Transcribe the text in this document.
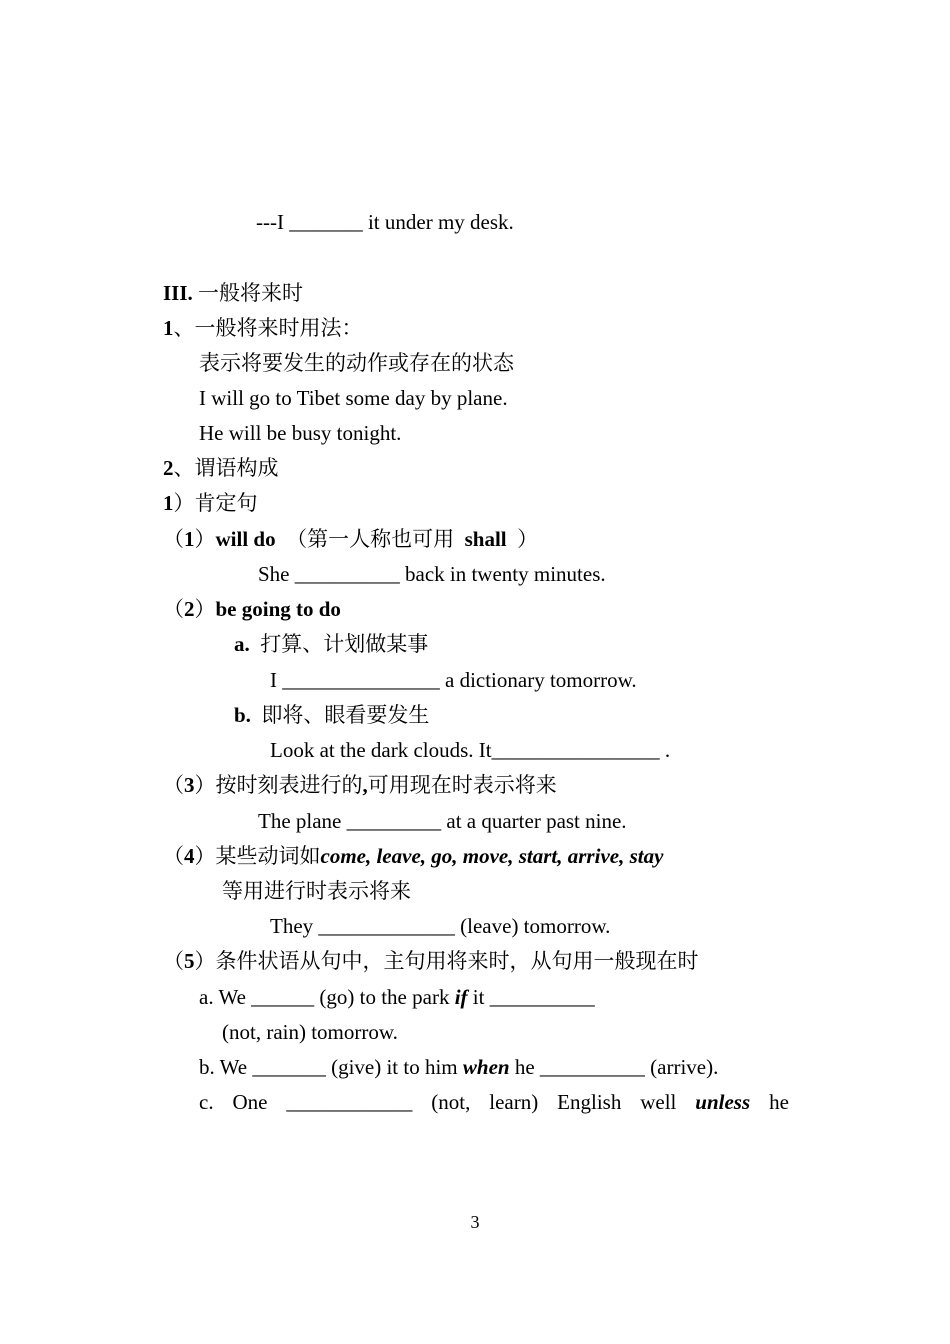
---I _______ it under my desk.
III. 一般将来时
1、一般将来时用法：
表示将要发生的动作或存在的状态
I will go to Tibet some day by plane.
He will be busy tonight.
2、谓语构成
1）肯定句
（1）will do （第一人称也可用 shall ）
She __________ back in twenty minutes.
（2）be going to do
a. 打算、计划做某事
I _______________ a dictionary tomorrow.
b. 即将、眼看要发生
Look at the dark clouds. It________________ .
（3）按时刻表进行的,可用现在时表示将来
The plane _________ at a quarter past nine.
（4）某些动词如come, leave, go, move, start, arrive, stay
等用进行时表示将来
They _____________ (leave) tomorrow.
（5）条件状语从句中，主句用将来时，从句用一般现在时
a. We ______ (go) to the park if it __________
(not, rain) tomorrow.
b. We _______ (give) it to him when he __________ (arrive).
c. One ____________ (not, learn) English well unless he
3
